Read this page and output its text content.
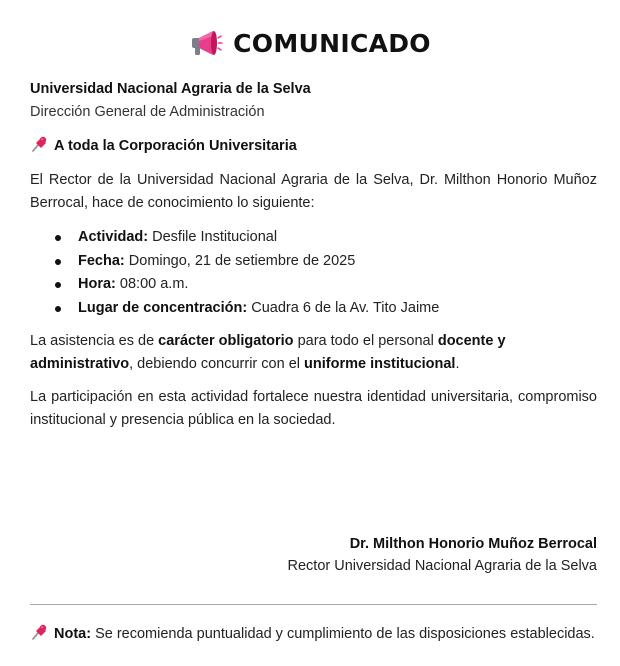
COMUNICADO
Universidad Nacional Agraria de la Selva
Dirección General de Administración
A toda la Corporación Universitaria
El Rector de la Universidad Nacional Agraria de la Selva, Dr. Milthon Honorio Muñoz Berrocal, hace de conocimiento lo siguiente:
Actividad: Desfile Institucional
Fecha: Domingo, 21 de setiembre de 2025
Hora: 08:00 a.m.
Lugar de concentración: Cuadra 6 de la Av. Tito Jaime
La asistencia es de carácter obligatorio para todo el personal docente y administrativo, debiendo concurrir con el uniforme institucional.
La participación en esta actividad fortalece nuestra identidad universitaria, compromiso institucional y presencia pública en la sociedad.
Dr. Milthon Honorio Muñoz Berrocal
Rector Universidad Nacional Agraria de la Selva
Nota: Se recomienda puntualidad y cumplimiento de las disposiciones establecidas.
